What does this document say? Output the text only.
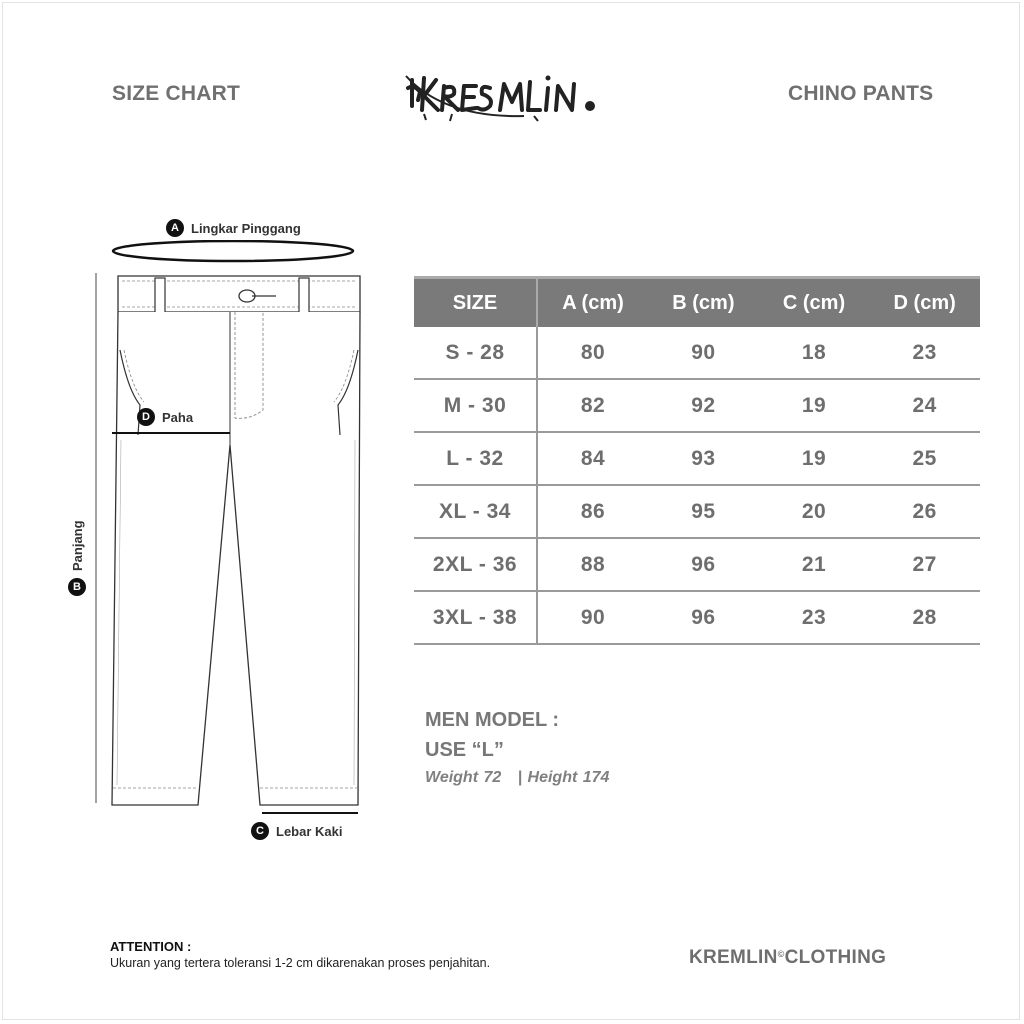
SIZE CHART	CHINO PANTS
A Lingkar Pinggang
D Paha
B
Panjang
C Lebar Kaki
SIZE	A (cm)	B (cm)	C (cm)	D (cm)
S - 28	80	90	18	23
M - 30	82	92	19	24
L - 32	84	93	19	25
XL - 34	86	95	20	26
2XL - 36	88	96	21	27
3XL - 38	90	96	23	28
MEN MODEL :
USE “L”
Weight 72   | Height 174
ATTENTION :
Ukuran yang tertera toleransi 1-2 cm dikarenakan proses penjahitan.	KREMLIN©CLOTHING
